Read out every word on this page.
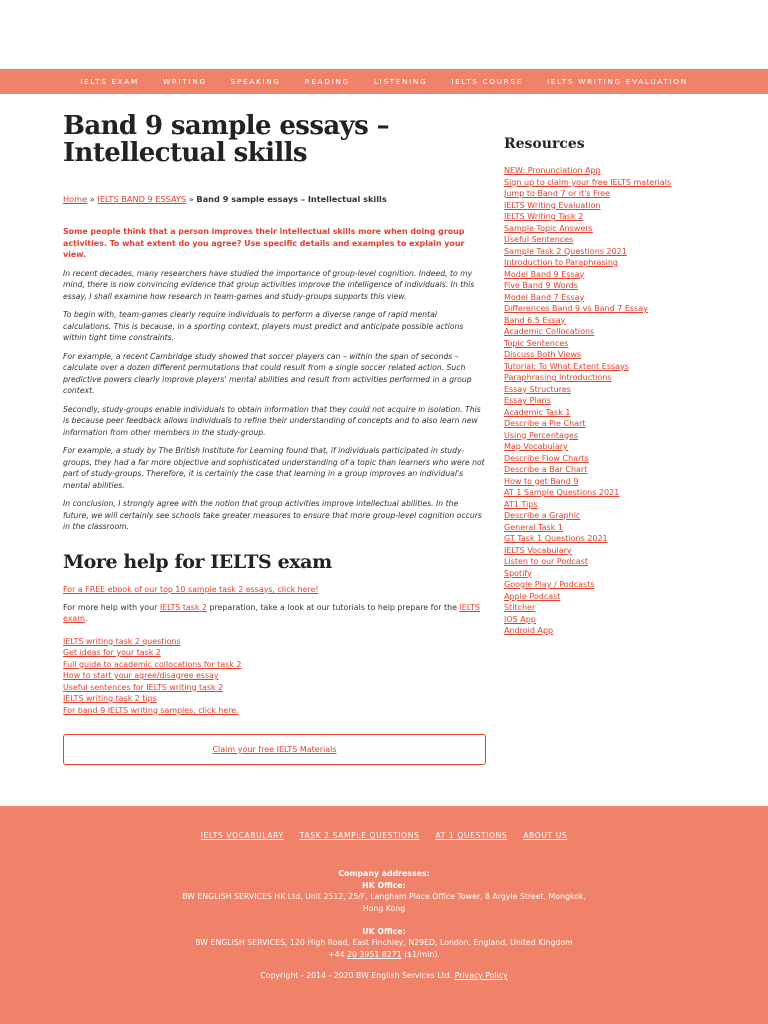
IELTS EXAM	WRITING	SPEAKING	READING	LISTENING	IELTS COURSE	IELTS WRITING EVALUATION
Band 9 sample essays – Intellectual skills
Home » IELTS BAND 9 ESSAYS » Band 9 sample essays – Intellectual skills
Some people think that a person improves their intellectual skills more when doing group activities. To what extent do you agree? Use specific details and examples to explain your view.

In recent decades, many researchers have studied the importance of group-level cognition. Indeed, to my mind, there is now convincing evidence that group activities improve the intelligence of individuals. In this essay, I shall examine how research in team-games and study-groups supports this view.

To begin with, team-games clearly require individuals to perform a diverse range of rapid mental calculations. This is because, in a sporting context, players must predict and anticipate possible actions within tight time constraints.

For example, a recent Cambridge study showed that soccer players can – within the span of seconds – calculate over a dozen different permutations that could result from a single soccer related action. Such predictive powers clearly improve players' mental abilities and result from activities performed in a group context.

Secondly, study-groups enable individuals to obtain information that they could not acquire in isolation. This is because peer feedback allows individuals to refine their understanding of concepts and to also learn new information from other members in the study-group.

For example, a study by The British Institute for Learning found that, if individuals participated in study-groups, they had a far more objective and sophisticated understanding of a topic than learners who were not part of study-groups. Therefore, it is certainly the case that learning in a group improves an individual's mental abilities.

In conclusion, I strongly agree with the notion that group activities improve intellectual abilities. In the future, we will certainly see schools take greater measures to ensure that more group-level cognition occurs in the classroom.

More help for IELTS exam
For a FREE ebook of our top 10 sample task 2 essays, click here!
For more help with your IELTS task 2 preparation, take a look at our tutorials to help prepare for the IELTS exam.
IELTS writing task 2 questions
Get ideas for your task 2
Full guide to academic collocations for task 2
How to start your agree/disagree essay
Useful sentences for IELTS writing task 2
IELTS writing task 2 tips
For band 9 IELTS writing samples, click here.
Claim your free IELTS Materials
Resources
NEW: Pronunciation App
Sign up to claim your free IELTS materials
Jump to Band 7 or it's Free
IELTS Writing Evaluation
IELTS Writing Task 2
Sample Topic Answers
Useful Sentences
Sample Task 2 Questions 2021
Introduction to Paraphrasing
Model Band 9 Essay
Five Band 9 Words
Model Band 7 Essay
Differences Band 9 vs Band 7 Essay
Band 6.5 Essay
Academic Collocations
Topic Sentences
Discuss Both Views
Tutorial: To What Extent Essays
Paraphrasing Introductions
Essay Structures
Essay Plans
Academic Task 1
Describe a Pie Chart
Using Percentages
Map Vocabulary
Describe Flow Charts
Describe a Bar Chart
How to get Band 9
AT 1 Sample Questions 2021
AT1 Tips
Describe a Graphic
General Task 1
GT Task 1 Questions 2021
IELTS Vocabulary
Listen to our Podcast
Spotify
Google Play / Podcasts
Apple Podcast
Stitcher
IOS App
Android App
IELTS VOCABULARY TASK 2 SAMPLE QUESTIONS AT 1 QUESTIONS ABOUT US
Company addresses:
HK Office:
BW ENGLISH SERVICES HK Ltd, Unit 2512, 25/F, Langham Place Office Tower, 8 Argyle Street, Mongkok, Hong Kong
UK Office:
BW ENGLISH SERVICES, 120 High Road, East Finchley, N29ED, London, England, United Kingdom
+44 20 3951 8271 ($1/min).
Copyright - 2014 - 2020 BW English Services Ltd. Privacy Policy
